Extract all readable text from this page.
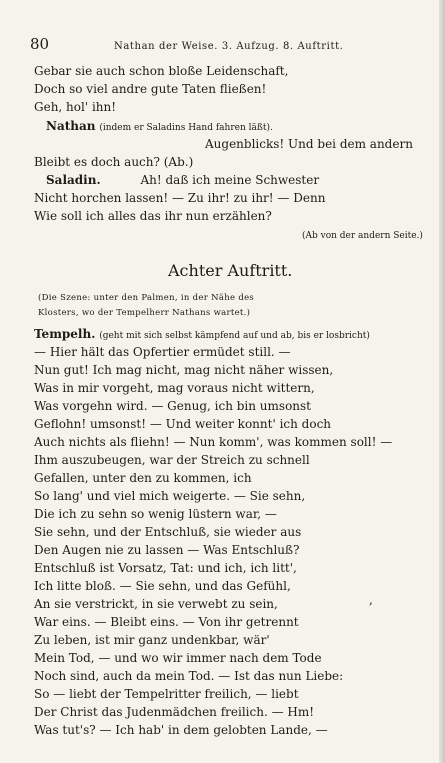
80	Nathan der Weise. 3. Aufzug. 8. Auftritt.
Gebar sie auch schon bloße Leidenschaft,
Doch so viel andre gute Taten fließen!
Geh, hol' ihn!
Nathan (indem er Saladins Hand fahren läßt).
Augenblicks! Und bei dem andern
Bleibt es doch auch? (Ab.)
Saladin.	Ah! daß ich meine Schwester
Nicht horchen lassen! — Zu ihr! zu ihr! — Denn
Wie soll ich alles das ihr nun erzählen?
(Ab von der andern Seite.)
Achter Auftritt.
(Die Szene: unter den Palmen, in der Nähe des
Klosters, wo der Tempelherr Nathans wartet.)
Tempelh. (geht mit sich selbst kämpfend auf und ab, bis er losbricht)
— Hier hält das Opfertier ermüdet still. —
Nun gut! Ich mag nicht, mag nicht näher wissen,
Was in mir vorgeht, mag voraus nicht wittern,
Was vorgehn wird. — Genug, ich bin umsonst
Geflohn! umsonst! — Und weiter konnt' ich doch
Auch nichts als fliehn! — Nun komm', was kommen soll! —
Ihm auszubeugen, war der Streich zu schnell
Gefallen, unter den zu kommen, ich
So lang' und viel mich weigerte. — Sie sehn,
Die ich zu sehn so wenig lüstern war, —
Sie sehn, und der Entschluß, sie wieder aus
Den Augen nie zu lassen — Was Entschluß?
Entschluß ist Vorsatz, Tat: und ich, ich litt',
Ich litte bloß. — Sie sehn, und das Gefühl,
An sie verstrickt, in sie verwebt zu sein,
War eins. — Bleibt eins. — Von ihr getrennt
Zu leben, ist mir ganz undenkbar, wär'
Mein Tod, — und wo wir immer nach dem Tode
Noch sind, auch da mein Tod. — Ist das nun Liebe:
So — liebt der Tempelritter freilich, — liebt
Der Christ das Judenmädchen freilich. — Hm!
Was tut's? — Ich hab' in dem gelobten Lande, —
,
